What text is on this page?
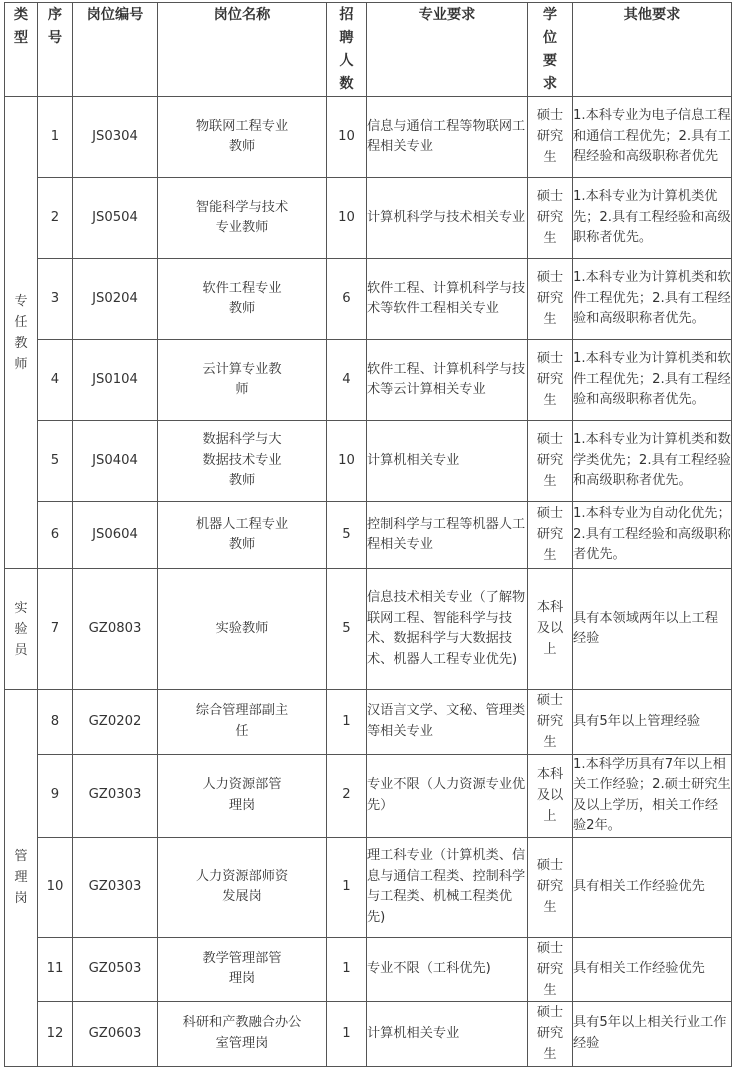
类型	序号	岗位编号	岗位名称	招聘人数	专业要求	学位要求	其他要求

专任教师	1	JS0304	物联网工程专业教师	10	信息与通信工程等物联网工程相关专业	硕士研究生	1.本科专业为电子信息工程和通信工程优先；2.具有工程经验和高级职称者优先
	2	JS0504	智能科学与技术专业教师	10	计算机科学与技术相关专业	硕士研究生	1.本科专业为计算机类优先；2.具有工程经验和高级职称者优先。
	3	JS0204	软件工程专业教师	6	软件工程、计算机科学与技术等软件工程相关专业	硕士研究生	1.本科专业为计算机类和软件工程优先；2.具有工程经验和高级职称者优先。
	4	JS0104	云计算专业教师	4	软件工程、计算机科学与技术等云计算相关专业	硕士研究生	1.本科专业为计算机类和软件工程优先；2.具有工程经验和高级职称者优先。
	5	JS0404	数据科学与大数据技术专业教师	10	计算机相关专业	硕士研究生	1.本科专业为计算机类和数学类优先；2.具有工程经验和高级职称者优先。
	6	JS0604	机器人工程专业教师	5	控制科学与工程等机器人工程相关专业	硕士研究生	1.本科专业为自动化优先；2.具有工程经验和高级职称者优先。

实验员	7	GZ0803	实验教师	5	信息技术相关专业（了解物联网工程、智能科学与技术、数据科学与大数据技术、机器人工程专业优先)	本科及以上	具有本领域两年以上工程经验

管理岗	8	GZ0202	综合管理部副主任	1	汉语言文学、文秘、管理类等相关专业	硕士研究生	具有5年以上管理经验
	9	GZ0303	人力资源部管理岗	2	专业不限（人力资源专业优先）	本科及以上	1.本科学历具有7年以上相关工作经验；2.硕士研究生及以上学历，相关工作经验2年。
	10	GZ0303	人力资源部师资发展岗	1	理工科专业（计算机类、信息与通信工程类、控制科学与工程类、机械工程类优先)	硕士研究生	具有相关工作经验优先
	11	GZ0503	教学管理部管理岗	1	专业不限（工科优先)	硕士研究生	具有相关工作经验优先
	12	GZ0603	科研和产教融合办公室管理岗	1	计算机相关专业	硕士研究生	具有5年以上相关行业工作经验
